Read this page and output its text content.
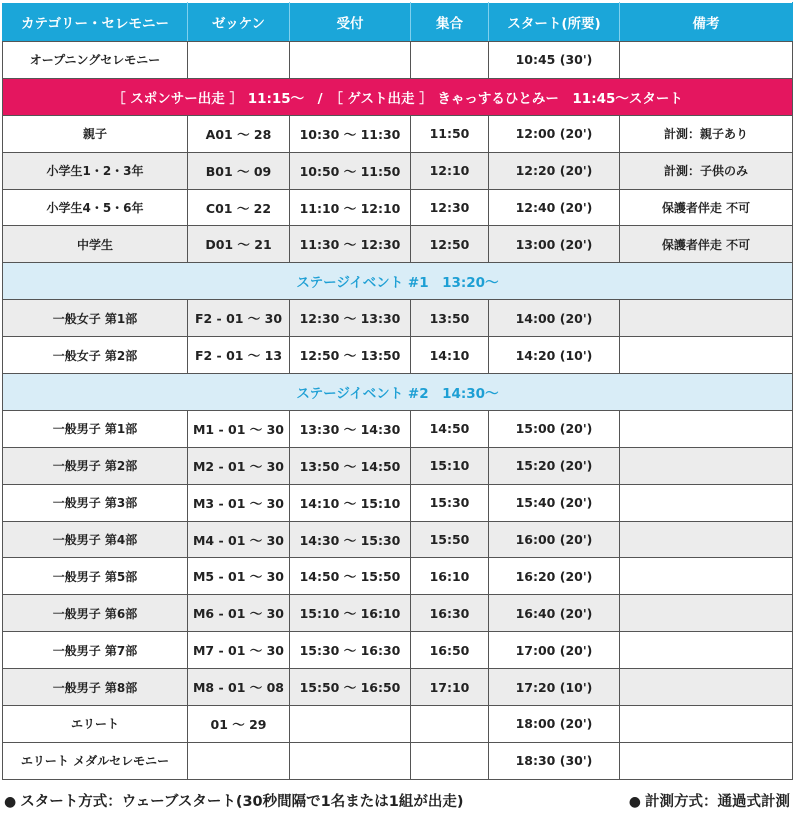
カテゴリー・セレモニー	ゼッケン	受付	集合	スタート(所要)	備考
オープニングセレモニー				10:45 (30')	
［ スポンサー出走 ］ 11:15〜　/　［ ゲスト出走 ］ きゃっするひとみー　11:45〜スタート					
親子	A01 〜 28	10:30 〜 11:30	11:50	12:00 (20')	計測：親子あり
小学生1・2・3年	B01 〜 09	10:50 〜 11:50	12:10	12:20 (20')	計測：子供のみ
小学生4・5・6年	C01 〜 22	11:10 〜 12:10	12:30	12:40 (20')	保護者伴走 不可
中学生	D01 〜 21	11:30 〜 12:30	12:50	13:00 (20')	保護者伴走 不可
ステージイベント #1　13:20〜					
一般女子 第1部	F2 - 01 〜 30	12:30 〜 13:30	13:50	14:00 (20')	
一般女子 第2部	F2 - 01 〜 13	12:50 〜 13:50	14:10	14:20 (10')	
ステージイベント #2　14:30〜					
一般男子 第1部	M1 - 01 〜 30	13:30 〜 14:30	14:50	15:00 (20')	
一般男子 第2部	M2 - 01 〜 30	13:50 〜 14:50	15:10	15:20 (20')	
一般男子 第3部	M3 - 01 〜 30	14:10 〜 15:10	15:30	15:40 (20')	
一般男子 第4部	M4 - 01 〜 30	14:30 〜 15:30	15:50	16:00 (20')	
一般男子 第5部	M5 - 01 〜 30	14:50 〜 15:50	16:10	16:20 (20')	
一般男子 第6部	M6 - 01 〜 30	15:10 〜 16:10	16:30	16:40 (20')	
一般男子 第7部	M7 - 01 〜 30	15:30 〜 16:30	16:50	17:00 (20')	
一般男子 第8部	M8 - 01 〜 08	15:50 〜 16:50	17:10	17:20 (10')	
エリート	01 〜 29			18:00 (20')	
エリート メダルセレモニー				18:30 (30')	
● スタート方式：ウェーブスタート(30秒間隔で1名または1組が出走)	● 計測方式：通過式計測
